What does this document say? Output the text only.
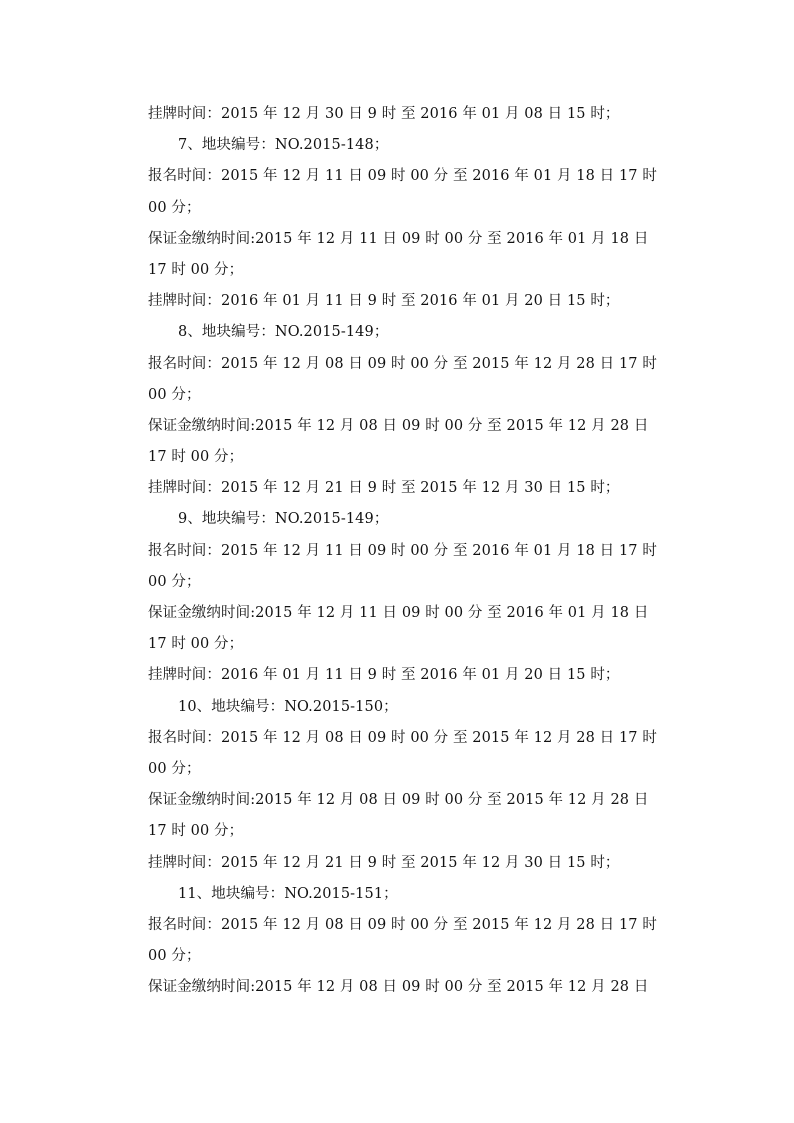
挂牌时间：2015 年 12 月 30 日 9 时 至 2016 年 01 月 08 日 15 时；
7、地块编号：NO.2015-148；
报名时间：2015 年 12 月 11 日 09 时 00 分 至 2016 年 01 月 18 日 17 时
00 分；
保证金缴纳时间:2015 年 12 月 11 日 09 时 00 分 至 2016 年 01 月 18 日
17 时 00 分；
挂牌时间：2016 年 01 月 11 日 9 时 至 2016 年 01 月 20 日 15 时；
8、地块编号：NO.2015-149；
报名时间：2015 年 12 月 08 日 09 时 00 分 至 2015 年 12 月 28 日 17 时
00 分；
保证金缴纳时间:2015 年 12 月 08 日 09 时 00 分 至 2015 年 12 月 28 日
17 时 00 分；
挂牌时间：2015 年 12 月 21 日 9 时 至 2015 年 12 月 30 日 15 时；
9、地块编号：NO.2015-149；
报名时间：2015 年 12 月 11 日 09 时 00 分 至 2016 年 01 月 18 日 17 时
00 分；
保证金缴纳时间:2015 年 12 月 11 日 09 时 00 分 至 2016 年 01 月 18 日
17 时 00 分；
挂牌时间：2016 年 01 月 11 日 9 时 至 2016 年 01 月 20 日 15 时；
10、地块编号：NO.2015-150；
报名时间：2015 年 12 月 08 日 09 时 00 分 至 2015 年 12 月 28 日 17 时
00 分；
保证金缴纳时间:2015 年 12 月 08 日 09 时 00 分 至 2015 年 12 月 28 日
17 时 00 分；
挂牌时间：2015 年 12 月 21 日 9 时 至 2015 年 12 月 30 日 15 时；
11、地块编号：NO.2015-151；
报名时间：2015 年 12 月 08 日 09 时 00 分 至 2015 年 12 月 28 日 17 时
00 分；
保证金缴纳时间:2015 年 12 月 08 日 09 时 00 分 至 2015 年 12 月 28 日
